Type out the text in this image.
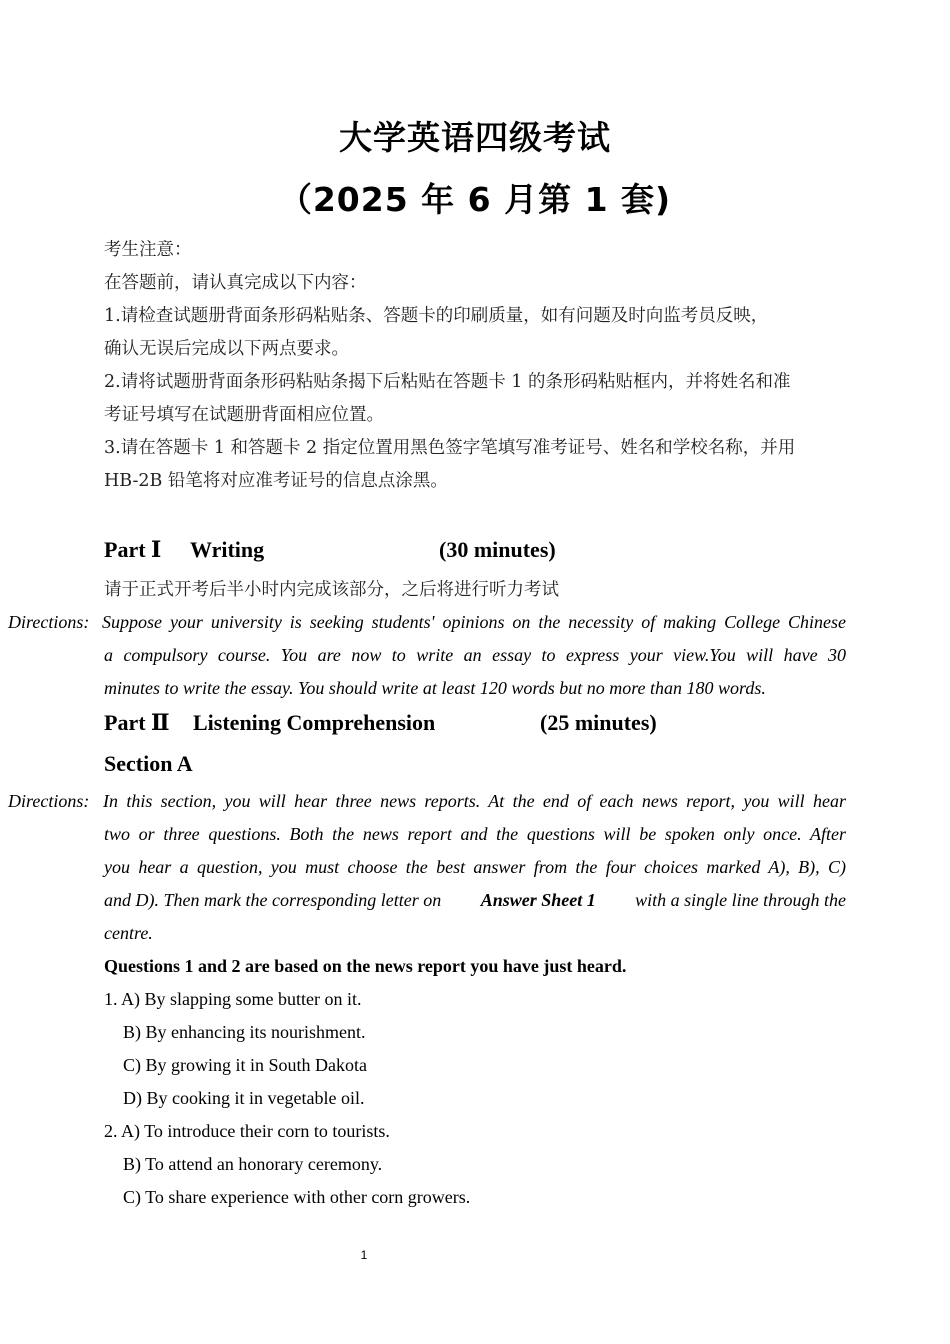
大学英语四级考试
（2025 年 6 月第 1 套)
考生注意：
在答题前，请认真完成以下内容：
1.请检查试题册背面条形码粘贴条、答题卡的印刷质量，如有问题及时向监考员反映，
确认无误后完成以下两点要求。
2.请将试题册背面条形码粘贴条揭下后粘贴在答题卡 1 的条形码粘贴框内，并将姓名和准
考证号填写在试题册背面相应位置。
3.请在答题卡 1 和答题卡 2 指定位置用黑色签字笔填写准考证号、姓名和学校名称，并用
HB-2B 铅笔将对应准考证号的信息点涂黑。
Part Ⅰ Writing	(30 minutes)
请于正式开考后半小时内完成该部分，之后将进行听力考试
Directions: Suppose your university is seeking students' opinions on the necessity of making College Chinese
a compulsory course. You are now to write an essay to express your view.You will have 30
minutes to write the essay. You should write at least 120 words but no more than 180 words.
Part Ⅱ Listening Comprehension	(25 minutes)
Section A
Directions: In this section, you will hear three news reports. At the end of each news report, you will hear
two or three questions. Both the news report and the questions will be spoken only once. After
you hear a question, you must choose the best answer from the four choices marked A), B), C)
and D). Then mark the corresponding letter on Answer Sheet 1 with a single line through the
centre.
Questions 1 and 2 are based on the news report you have just heard.
1. A) By slapping some butter on it.
B) By enhancing its nourishment.
C) By growing it in South Dakota
D) By cooking it in vegetable oil.
2. A) To introduce their corn to tourists.
B) To attend an honorary ceremony.
C) To share experience with other corn growers.
1
